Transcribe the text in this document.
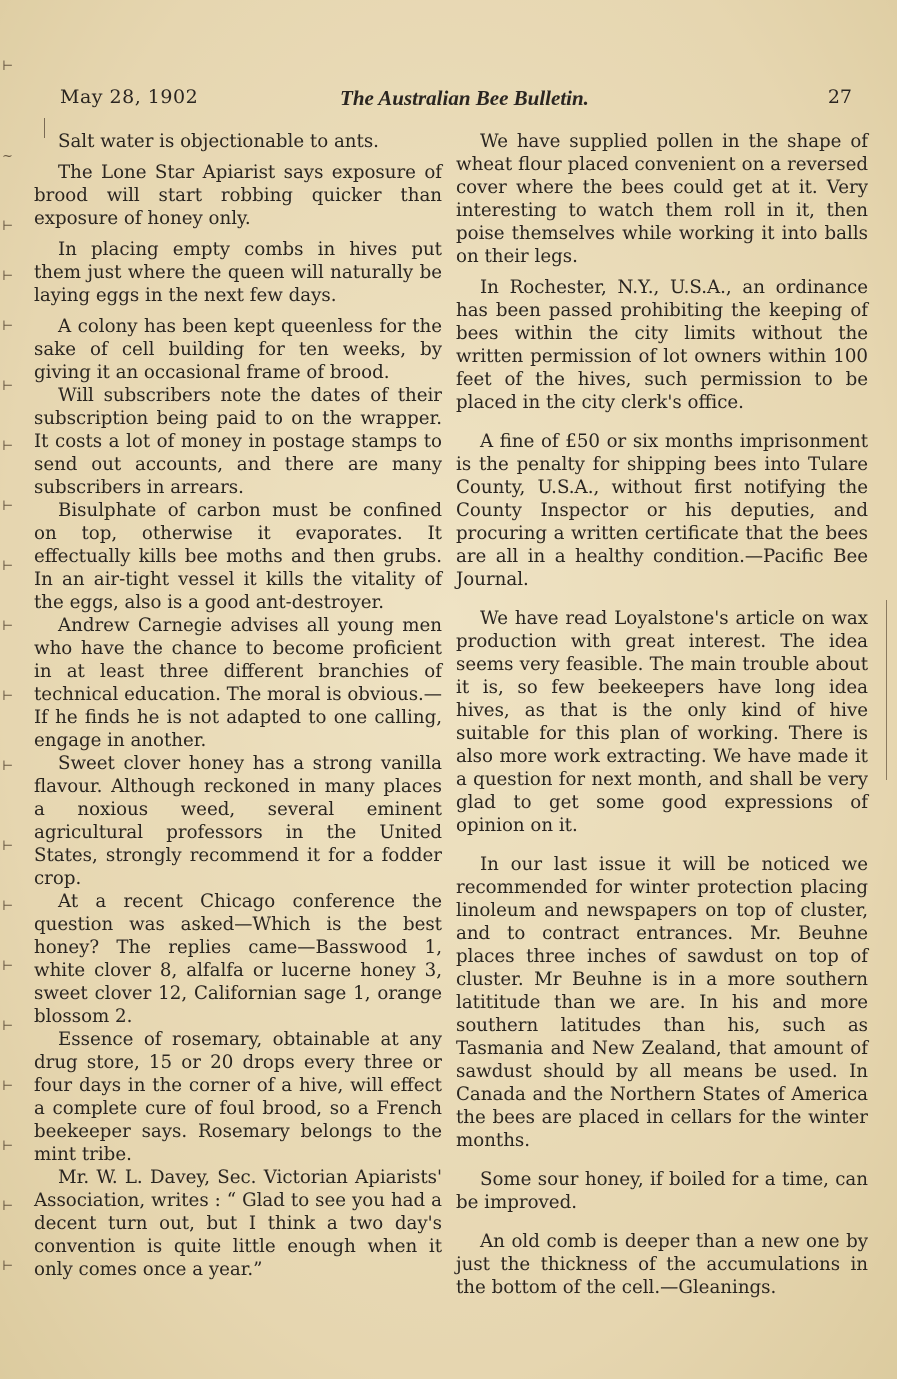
⊢
~
⊢
⊢
⊢
⊢
⊢
⊢
⊢
⊢
⊢
⊢
⊢
⊢
⊢
⊢
⊢
⊢
⊢
⊢
May 28, 1902	The Australian Bee Bulletin.	27

Salt water is objectionable to ants.

The Lone Star Apiarist says exposure of brood will start robbing quicker than exposure of honey only.

In placing empty combs in hives put them just where the queen will naturally be laying eggs in the next few days.

A colony has been kept queenless for the sake of cell building for ten weeks, by giving it an occasional frame of brood.

Will subscribers note the dates of their subscription being paid to on the wrapper. It costs a lot of money in postage stamps to send out accounts, and there are many subscribers in arrears.

Bisulphate of carbon must be confined on top, otherwise it evaporates. It effectually kills bee moths and then grubs. In an air-tight vessel it kills the vitality of the eggs, also is a good ant-destroyer.

Andrew Carnegie advises all young men who have the chance to become proficient in at least three different branchies of technical education. The moral is obvious.—If he finds he is not adapted to one calling, engage in another.

Sweet clover honey has a strong vanilla flavour. Although reckoned in many places a noxious weed, several eminent agricultural professors in the United States, strongly recommend it for a fodder crop.

At a recent Chicago conference the question was asked—Which is the best honey? The replies came—Basswood 1, white clover 8, alfalfa or lucerne honey 3, sweet clover 12, Californian sage 1, orange blossom 2.

Essence of rosemary, obtainable at any drug store, 15 or 20 drops every three or four days in the corner of a hive, will effect a complete cure of foul brood, so a French beekeeper says. Rosemary belongs to the mint tribe.

Mr. W. L. Davey, Sec. Victorian Apiarists' Association, writes : “ Glad to see you had a decent turn out, but I think a two day's convention is quite little enough when it only comes once a year.”

We have supplied pollen in the shape of wheat flour placed convenient on a reversed cover where the bees could get at it. Very interesting to watch them roll in it, then poise themselves while working it into balls on their legs.

In Rochester, N.Y., U.S.A., an ordinance has been passed prohibiting the keeping of bees within the city limits without the written permission of lot owners within 100 feet of the hives, such permission to be placed in the city clerk's office.

A fine of £50 or six months imprisonment is the penalty for shipping bees into Tulare County, U.S.A., without first notifying the County Inspector or his deputies, and procuring a written certificate that the bees are all in a healthy condition.—Pacific Bee Journal.

We have read Loyalstone's article on wax production with great interest. The idea seems very feasible. The main trouble about it is, so few beekeepers have long idea hives, as that is the only kind of hive suitable for this plan of working. There is also more work extracting. We have made it a question for next month, and shall be very glad to get some good expressions of opinion on it.

In our last issue it will be noticed we recommended for winter protection placing linoleum and newspapers on top of cluster, and to contract entrances. Mr. Beuhne places three inches of sawdust on top of cluster. Mr Beuhne is in a more southern latititude than we are. In his and more southern latitudes than his, such as Tasmania and New Zealand, that amount of sawdust should by all means be used. In Canada and the Northern States of America the bees are placed in cellars for the winter months.

Some sour honey, if boiled for a time, can be improved.

An old comb is deeper than a new one by just the thickness of the accumulations in the bottom of the cell.—Gleanings.
